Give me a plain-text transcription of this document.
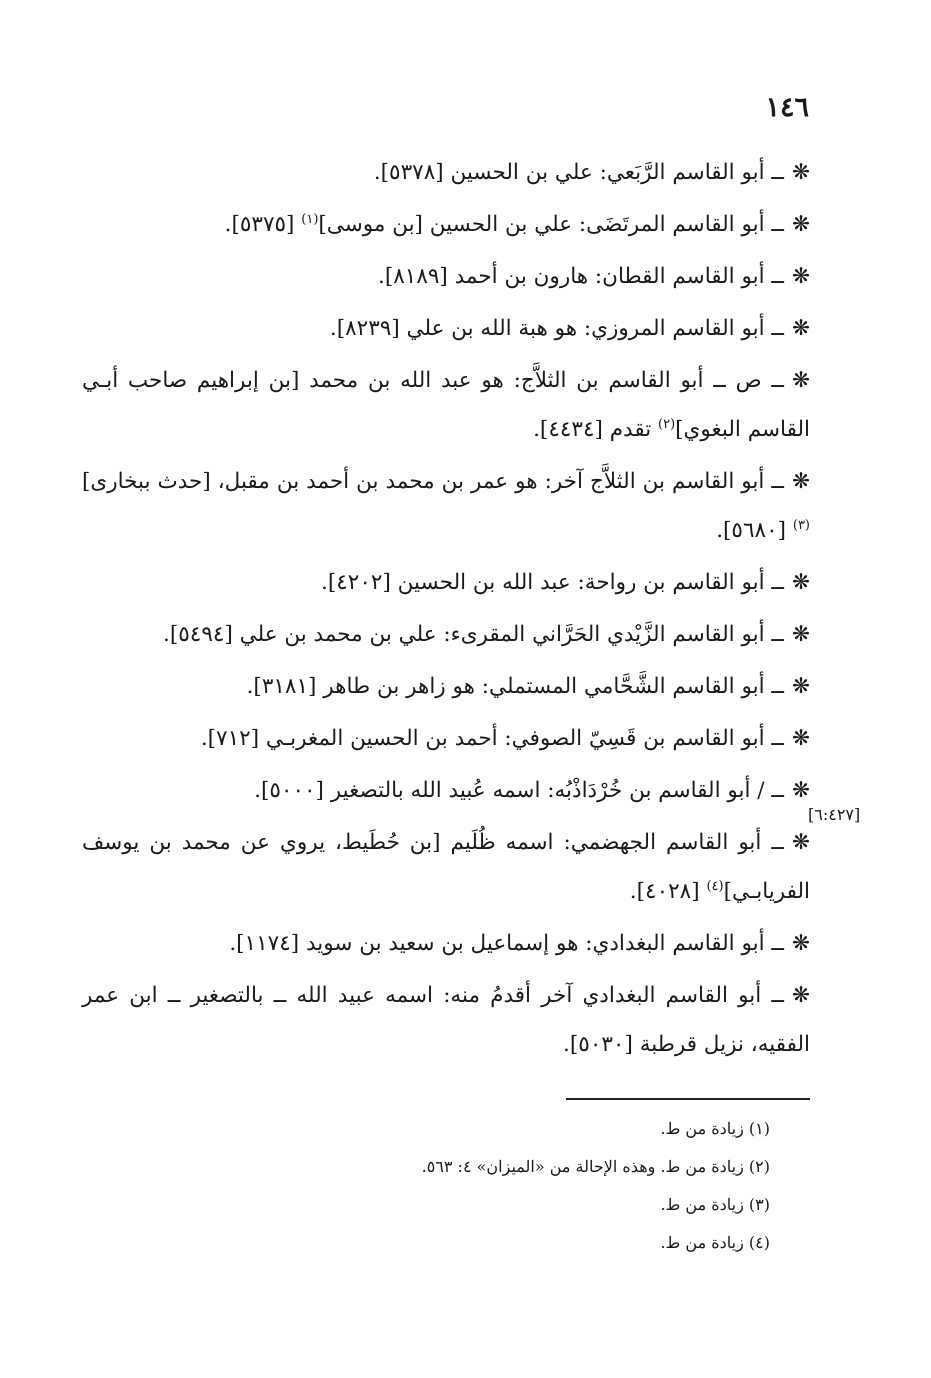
١٤٦

❋ــ أبو القاسم الرَّبَعي: علي بن الحسين [٥٣٧٨].

❋ــ أبو القاسم المرتَضَى: علي بن الحسين [بن موسى]$^{(١)}$ [٥٣٧٥].

❋ــ أبو القاسم القطان: هارون بن أحمد [٨١٨٩].

❋ــ أبو القاسم المروزي: هو هبة الله بن علي [٨٢٣٩].

❋ــ ص ــ أبو القاسم بن الثلاَّج: هو عبد الله بن محمد [بن إبراهيم صاحب أبـي القاسم البغوي]$^{(٢)}$ تقدم [٤٤٣٤].

❋ــ أبو القاسم بن الثلاَّج آخر: هو عمر بن محمد بن أحمد بن مقبل، [حدث ببخارى]$^{(٣)}$ [٥٦٨٠].

❋ــ أبو القاسم بن رواحة: عبد الله بن الحسين [٤٢٠٢].

❋ــ أبو القاسم الزَّيْدي الحَرَّاني المقرىء: علي بن محمد بن علي [٥٤٩٤].

❋ــ أبو القاسم الشَّحَّامي المستملي: هو زاهر بن طاهر [٣١٨١].

❋ــ أبو القاسم بن قَسِيّ الصوفي: أحمد بن الحسين المغربـي [٧١٢].

❋ــ / أبو القاسم بن خُرْدَاذْبُه: اسمه عُبيد الله بالتصغير [٥٠٠٠].

❋ــ أبو القاسم الجهضمي: اسمه ظُلَيم [بن حُطَيط، يروي عن محمد بن يوسف الفريابـي]$^{(٤)}$ [٤٠٢٨].

❋ــ أبو القاسم البغدادي: هو إسماعيل بن سعيد بن سويد [١١٧٤].

❋ــ أبو القاسم البغدادي آخر أقدمُ منه: اسمه عبيد الله ــ بالتصغير ــ ابن عمر الفقيه، نزيل قرطبة [٥٠٣٠].

[٦:٤٢٧]

(١) زيادة من ط.

(٢) زيادة من ط. وهذه الإحالة من «الميزان» ٤: ٥٦٣.

(٣) زيادة من ط.

(٤) زيادة من ط.
